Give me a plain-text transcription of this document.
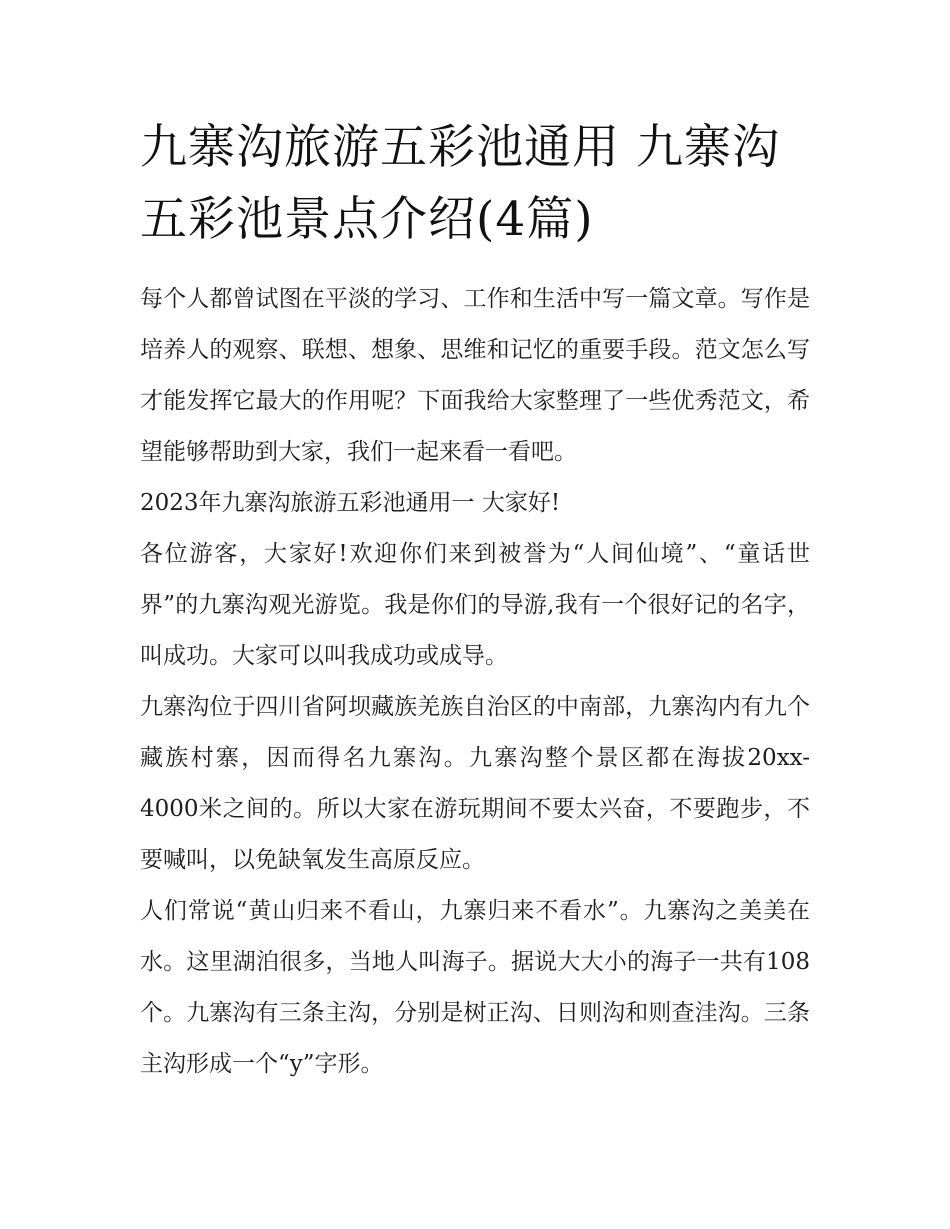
九寨沟旅游五彩池通用 九寨沟五彩池景点介绍(4篇)

每个人都曾试图在平淡的学习、工作和生活中写一篇文章。写作是培养人的观察、联想、想象、思维和记忆的重要手段。范文怎么写才能发挥它最大的作用呢？下面我给大家整理了一些优秀范文，希望能够帮助到大家，我们一起来看一看吧。

2023年九寨沟旅游五彩池通用一 大家好!

各位游客，大家好!欢迎你们来到被誉为“人间仙境”、“童话世界”的九寨沟观光游览。我是你们的导游,我有一个很好记的名字，叫成功。大家可以叫我成功或成导。

九寨沟位于四川省阿坝藏族羌族自治区的中南部，九寨沟内有九个藏族村寨，因而得名九寨沟。九寨沟整个景区都在海拔20xx-4000米之间的。所以大家在游玩期间不要太兴奋，不要跑步，不要喊叫，以免缺氧发生高原反应。

人们常说“黄山归来不看山，九寨归来不看水”。九寨沟之美美在水。这里湖泊很多，当地人叫海子。据说大大小的海子一共有108个。九寨沟有三条主沟，分别是树正沟、日则沟和则查洼沟。三条主沟形成一个“y”字形。
